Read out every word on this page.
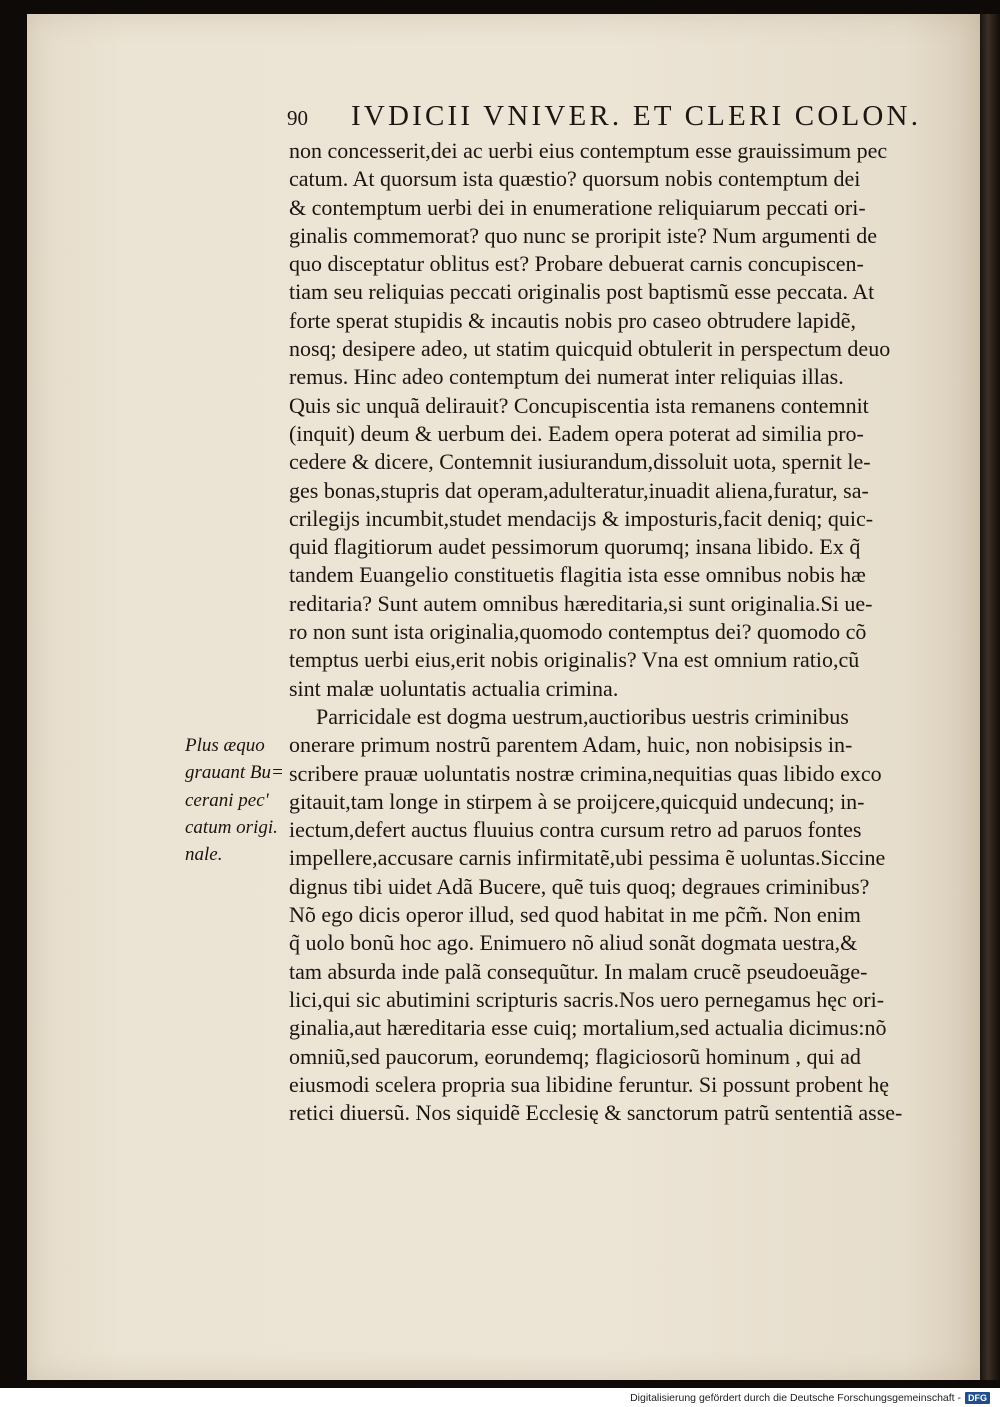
90 IVDICII VNIVER. ET CLERI COLON.
non concesserit,dei ac uerbi eius contemptum esse grauissimum pec
catum. At quorsum ista quæstio? quorsum nobis contemptum dei
& contemptum uerbi dei in enumeratione reliquiarum peccati ori-
ginalis commemorat? quo nunc se proripit iste? Num argumenti de
quo disceptatur oblitus est? Probare debuerat carnis concupiscen-
tiam seu reliquias peccati originalis post baptismũ esse peccata. At
forte sperat stupidis & incautis nobis pro caseo obtrudere lapidẽ,
nosq; desipere adeo, ut statim quicquid obtulerit in perspectum deuo
remus. Hinc adeo contemptum dei numerat inter reliquias illas.
Quis sic unquã delirauit? Concupiscentia ista remanens contemnit
(inquit) deum & uerbum dei. Eadem opera poterat ad similia pro-
cedere & dicere, Contemnit iusiurandum,dissoluit uota, spernit le-
ges bonas,stupris dat operam,adulteratur,inuadit aliena,furatur, sa-
crilegijs incumbit,studet mendacijs & imposturis,facit deniq; quic-
quid flagitiorum audet pessimorum quorumq; insana libido. Ex q̃
tandem Euangelio constituetis flagitia ista esse omnibus nobis hæ
reditaria? Sunt autem omnibus hæreditaria,si sunt originalia.Si ue-
ro non sunt ista originalia,quomodo contemptus dei? quomodo cõ
temptus uerbi eius,erit nobis originalis? Vna est omnium ratio,cũ
sint malæ uoluntatis actualia crimina.
Parricidale est dogma uestrum,auctioribus uestris criminibus
onerare primum nostrũ parentem Adam, huic, non nobisipsis in-
scribere prauæ uoluntatis nostræ crimina,nequitias quas libido exco
gitauit,tam longe in stirpem à se proijcere,quicquid undecunq; in-
iectum,defert auctus fluuius contra cursum retro ad paruos fontes
impellere,accusare carnis infirmitatẽ,ubi pessima ẽ uoluntas.Siccine
dignus tibi uidet Adã Bucere, quẽ tuis quoq; degraues criminibus?
Nõ ego dicis operor illud, sed quod habitat in me pc̃m̃. Non enim
q̃ uolo bonũ hoc ago. Enimuero nõ aliud sonãt dogmata uestra,&
tam absurda inde palã consequũtur. In malam crucẽ pseudoeuãge-
lici,qui sic abutimini scripturis sacris.Nos uero pernegamus hęc ori-
ginalia,aut hæreditaria esse cuiq; mortalium,sed actualia dicimus:nõ
omniũ,sed paucorum, eorundemq; flagiciosorũ hominum , qui ad
eiusmodi scelera propria sua libidine feruntur. Si possunt probent hę
retici diuersũ. Nos siquidẽ Ecclesię & sanctorum patrũ sententiã asse-
Plus æquo
grauant Bu=
cerani pec'
catum origi.
nale.
Digitalisierung gefördert durch die Deutsche Forschungsgemeinschaft - DFG
